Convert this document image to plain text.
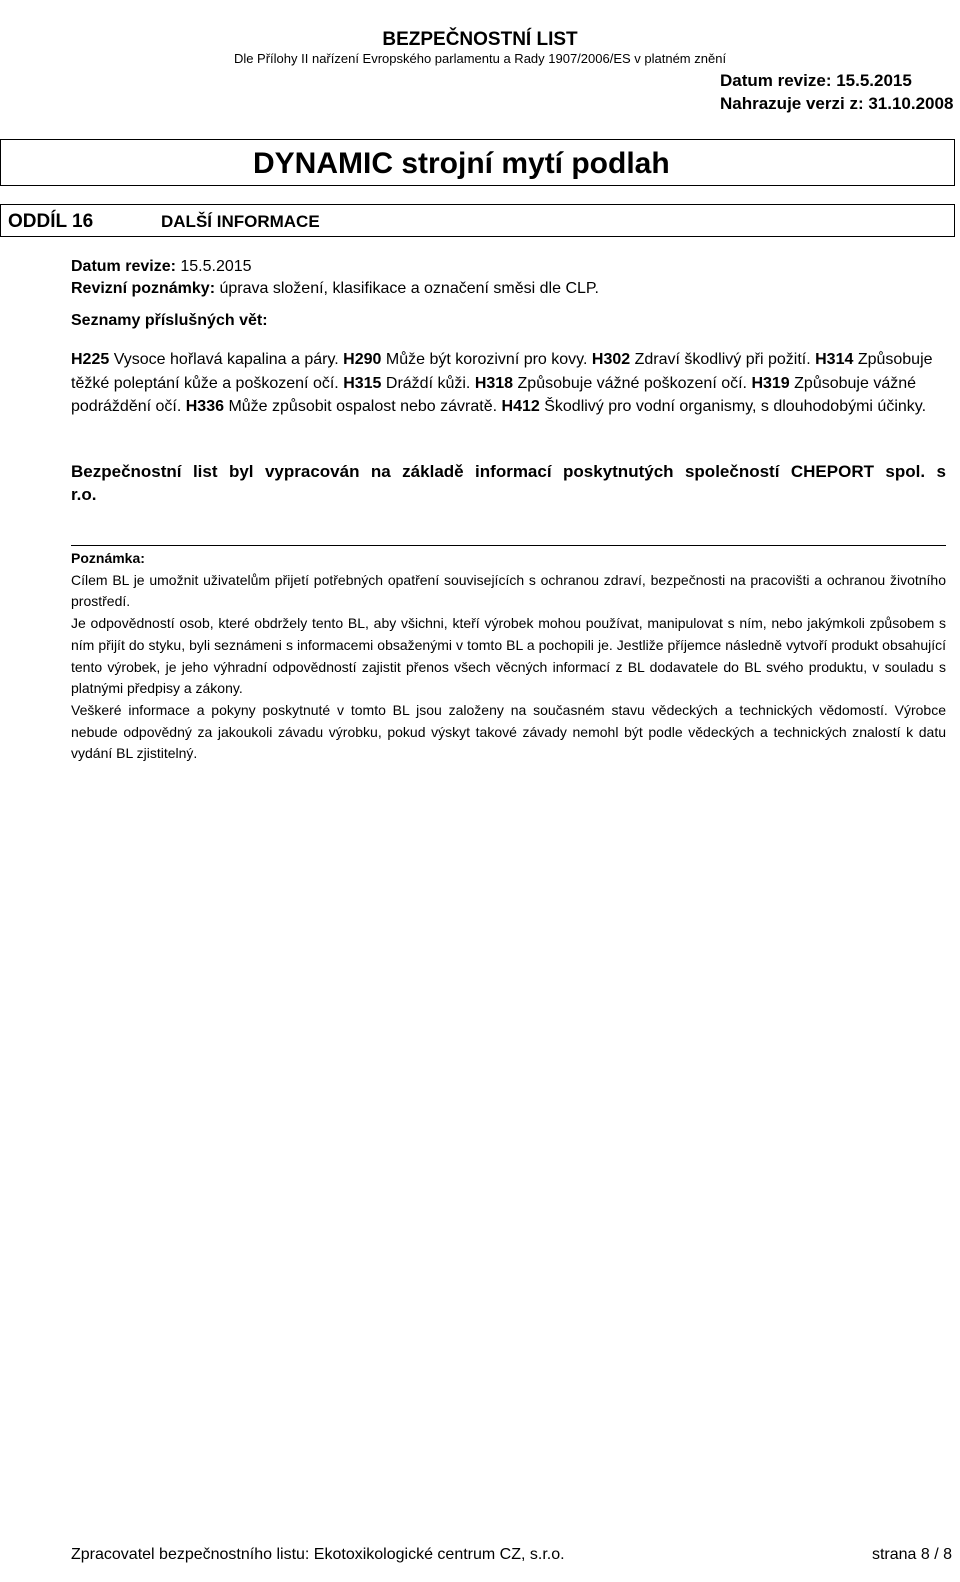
BEZPEČNOSTNÍ LIST
Dle Přílohy II nařízení Evropského parlamentu a Rady 1907/2006/ES v platném znění
Datum revize: 15.5.2015
Nahrazuje verzi z: 31.10.2008
DYNAMIC strojní mytí podlah
ODDÍL 16	DALŠÍ INFORMACE
Datum revize: 15.5.2015
Revizní poznámky: úprava složení, klasifikace a označení směsi dle CLP.
Seznamy příslušných vět:
H225 Vysoce hořlavá kapalina a páry. H290 Může být korozivní pro kovy. H302 Zdraví škodlivý při požití. H314 Způsobuje těžké poleptání kůže a poškození očí. H315 Dráždí kůži. H318 Způsobuje vážné poškození očí. H319 Způsobuje vážné podráždění očí. H336 Může způsobit ospalost nebo závratě. H412 Škodlivý pro vodní organismy, s dlouhodobými účinky.
Bezpečnostní list byl vypracován na základě informací poskytnutých společností CHEPORT spol. s r.o.

Poznámka:

Cílem BL je umožnit uživatelům přijetí potřebných opatření souvisejících s ochranou zdraví, bezpečnosti na pracovišti a ochranou životního prostředí.

Je odpovědností osob, které obdržely tento BL, aby všichni, kteří výrobek mohou používat, manipulovat s ním, nebo jakýmkoli způsobem s ním přijít do styku, byli seznámeni s informacemi obsaženými v tomto BL a pochopili je. Jestliže příjemce následně vytvoří produkt obsahující tento výrobek, je jeho výhradní odpovědností zajistit přenos všech věcných informací z BL dodavatele do BL svého produktu, v souladu s platnými předpisy a zákony.

Veškeré informace a pokyny poskytnuté v tomto BL jsou založeny na současném stavu vědeckých a technických vědomostí. Výrobce nebude odpovědný za jakoukoli závadu výrobku, pokud výskyt takové závady nemohl být podle vědeckých a technických znalostí k datu vydání BL zjistitelný.

Zpracovatel bezpečnostního listu: Ekotoxikologické centrum CZ, s.r.o.	strana 8 / 8
